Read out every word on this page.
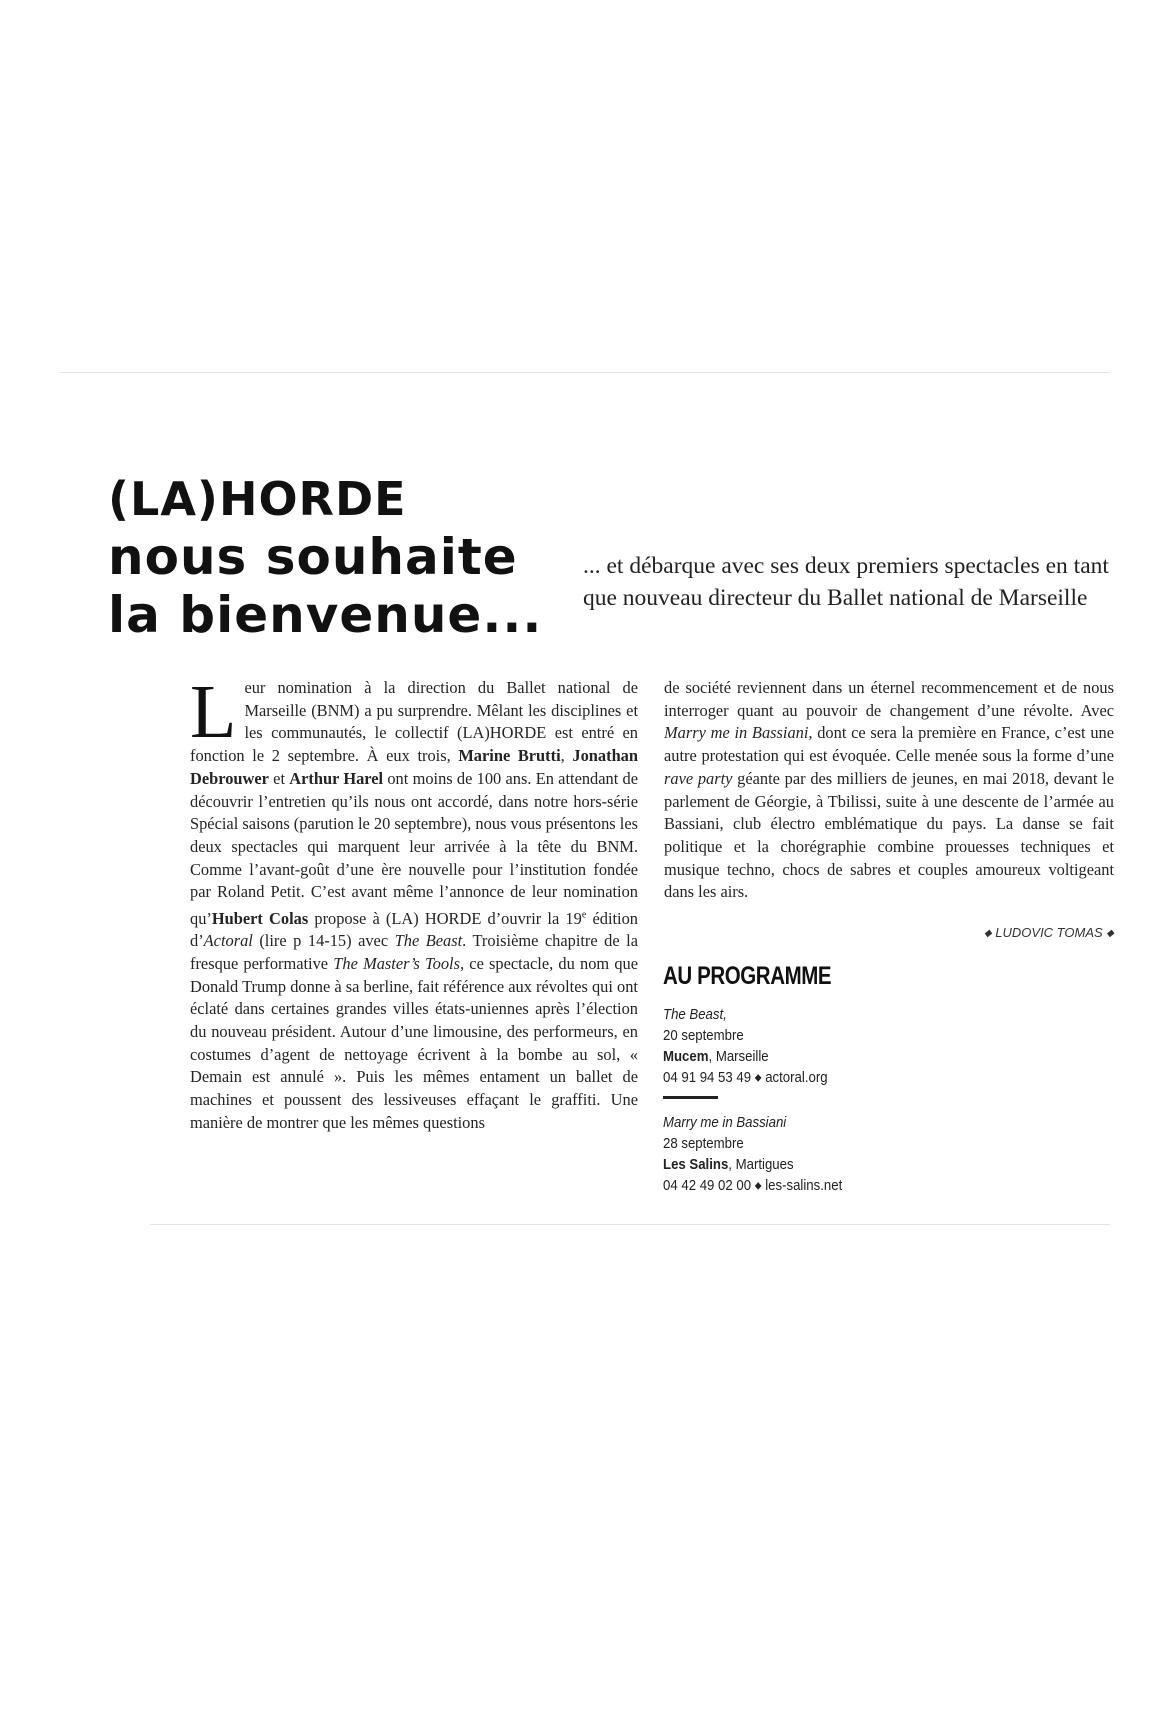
(LA)HORDE
nous souhaite
la bienvenue...
... et débarque avec ses deux premiers spectacles en tant que nouveau directeur du Ballet national de Marseille
L eur nomination à la direction du Ballet national de Marseille (BNM) a pu surprendre. Mêlant les disciplines et les communautés, le collectif (LA)HORDE est entré en fonction le 2 septembre. À eux trois, Marine Brutti, Jonathan Debrouwer et Arthur Harel ont moins de 100 ans. En attendant de découvrir l’entretien qu’ils nous ont accordé, dans notre hors-série Spécial saisons (parution le 20 septembre), nous vous présentons les deux spectacles qui marquent leur arrivée à la tête du BNM. Comme l’avant-goût d’une ère nouvelle pour l’institution fondée par Roland Petit. C’est avant même l’annonce de leur nomination qu’Hubert Colas propose à (LA) HORDE d’ouvrir la 19e édition d’Actoral (lire p 14-15) avec The Beast. Troisième chapitre de la fresque performative The Master’s Tools, ce spectacle, du nom que Donald Trump donne à sa berline, fait référence aux révoltes qui ont éclaté dans certaines grandes villes états-uniennes après l’élection du nouveau président. Autour d’une limousine, des performeurs, en costumes d’agent de nettoyage écrivent à la bombe au sol, « Demain est annulé ». Puis les mêmes entament un ballet de machines et poussent des lessiveuses effaçant le graffiti. Une manière de montrer que les mêmes questions
de société reviennent dans un éternel recommencement et de nous interroger quant au pouvoir de changement d’une révolte. Avec Marry me in Bassiani, dont ce sera la première en France, c’est une autre protestation qui est évoquée. Celle menée sous la forme d’une rave party géante par des milliers de jeunes, en mai 2018, devant le parlement de Géorgie, à Tbilissi, suite à une descente de l’armée au Bassiani, club électro emblématique du pays. La danse se fait politique et la chorégraphie combine prouesses techniques et musique techno, chocs de sabres et couples amoureux voltigeant dans les airs.
◆ LUDOVIC TOMAS ◆
AU PROGRAMME
The Beast,
20 septembre
Mucem, Marseille
04 91 94 53 49 ◆ actoral.org
Marry me in Bassiani
28 septembre
Les Salins, Martigues
04 42 49 02 00 ◆ les-salins.net
